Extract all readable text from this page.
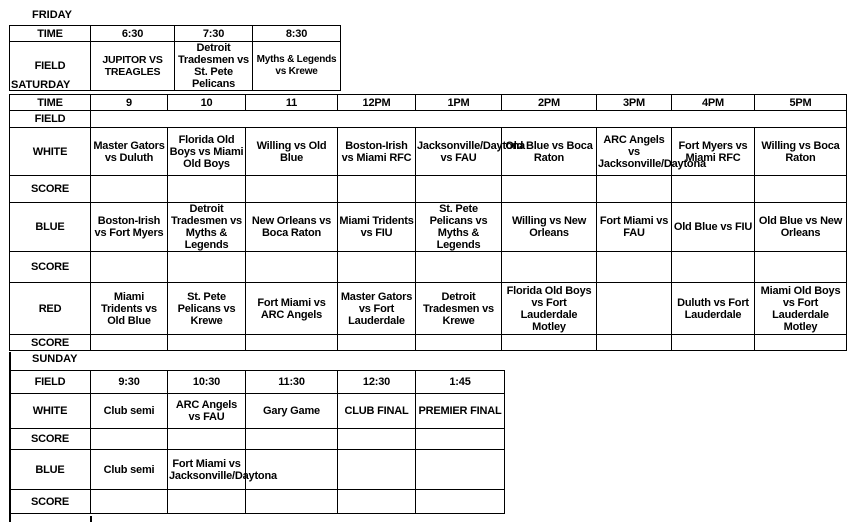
FRIDAY
TIME	6:30	7:30	8:30
FIELD	JUPITOR VS TREAGLES	Detroit Tradesmen vs St. Pete Pelicans	Myths & Legends vs Krewe
SATURDAY
TIME	9	10	11	12PM	1PM	2PM	3PM	4PM	5PM
FIELD									
WHITE	Master Gators vs Duluth	Florida Old Boys vs Miami Old Boys	Willing vs Old Blue	Boston-Irish vs Miami RFC	Jacksonville/Daytona vs FAU	Old Blue vs Boca Raton	ARC Angels vs Jacksonville/Daytona	Fort Myers vs Miami RFC	Willing vs Boca Raton
SCORE									
BLUE	Boston-Irish vs Fort Myers	Detroit Tradesmen vs Myths & Legends	New Orleans vs Boca Raton	Miami Tridents vs FIU	St. Pete Pelicans vs Myths & Legends	Willing vs New Orleans	Fort Miami vs FAU	Old Blue vs FIU	Old Blue vs New Orleans
SCORE									
RED	Miami Tridents vs Old Blue	St. Pete Pelicans vs Krewe	Fort Miami vs ARC Angels	Master Gators vs Fort Lauderdale	Detroit Tradesmen vs Krewe	Florida Old Boys vs Fort Lauderdale Motley		Duluth vs Fort Lauderdale	Miami Old Boys vs Fort Lauderdale Motley
SCORE									
SUNDAY
FIELD	9:30	10:30	11:30	12:30	1:45
WHITE	Club semi	ARC Angels vs FAU	Gary Game	CLUB FINAL	PREMIER FINAL
SCORE					
BLUE	Club semi	Fort Miami vs Jacksonville/Daytona			
SCORE					
